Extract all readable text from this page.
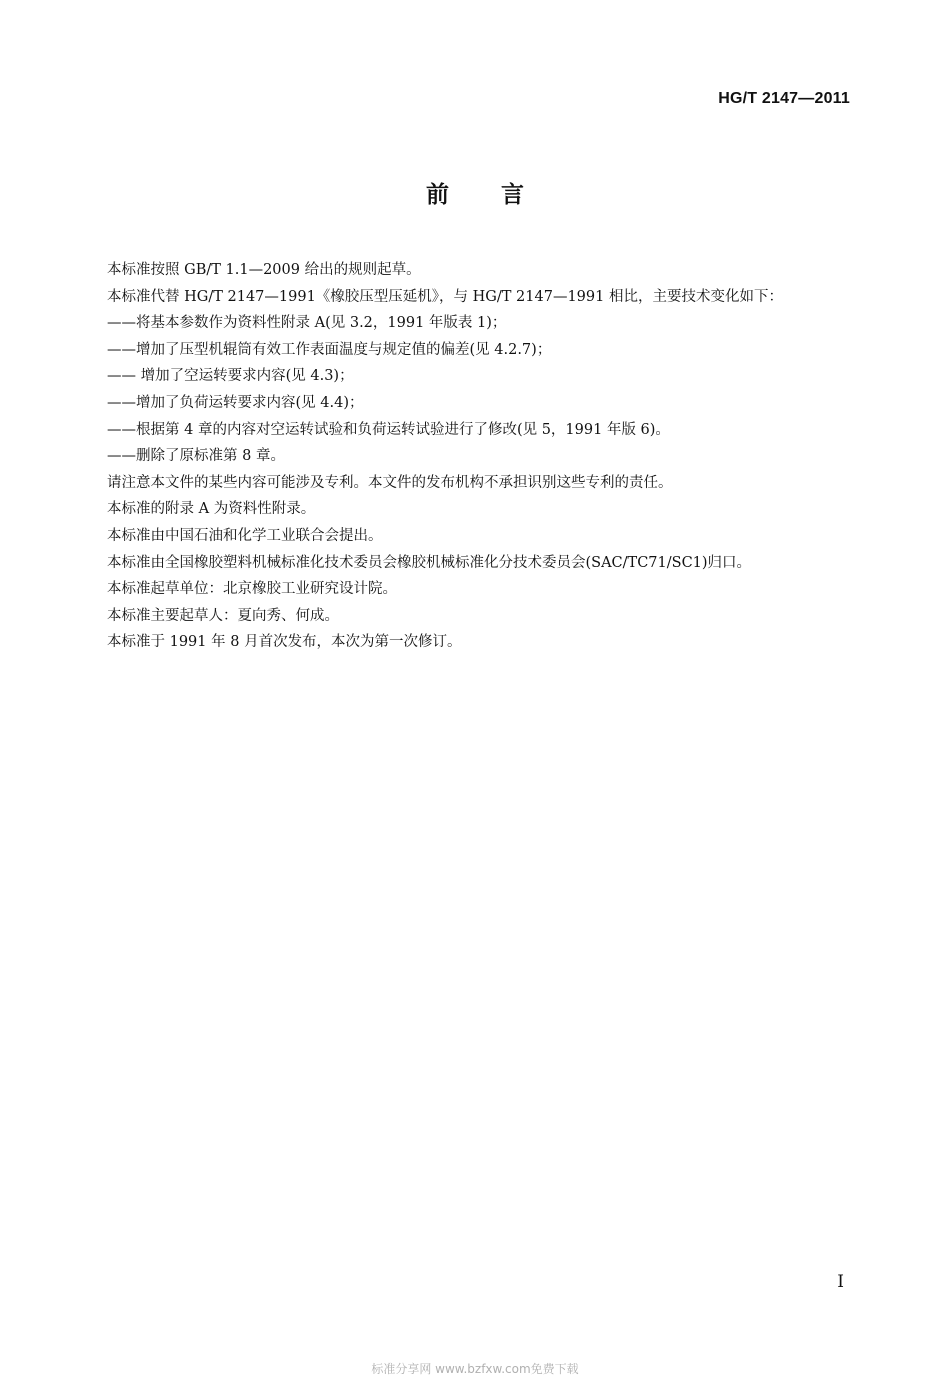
HG/T 2147—2011
前 言

本标准按照 GB/T 1.1—2009 给出的规则起草。

本标准代替 HG/T 2147—1991《橡胶压型压延机》，与 HG/T 2147—1991 相比，主要技术变化如下：

——将基本参数作为资料性附录 A(见 3.2，1991 年版表 1)；

——增加了压型机辊筒有效工作表面温度与规定值的偏差(见 4.2.7)；

—— 增加了空运转要求内容(见 4.3)；

——增加了负荷运转要求内容(见 4.4)；

——根据第 4 章的内容对空运转试验和负荷运转试验进行了修改(见 5，1991 年版 6)。

——删除了原标准第 8 章。

请注意本文件的某些内容可能涉及专利。本文件的发布机构不承担识别这些专利的责任。

本标准的附录 A 为资料性附录。

本标准由中国石油和化学工业联合会提出。

本标准由全国橡胶塑料机械标准化技术委员会橡胶机械标准化分技术委员会(SAC/TC71/SC1)归口。

本标准起草单位：北京橡胶工业研究设计院。

本标准主要起草人：夏向秀、何成。

本标准于 1991 年 8 月首次发布，本次为第一次修订。

I
标准分享网 www.bzfxw.com免费下载
